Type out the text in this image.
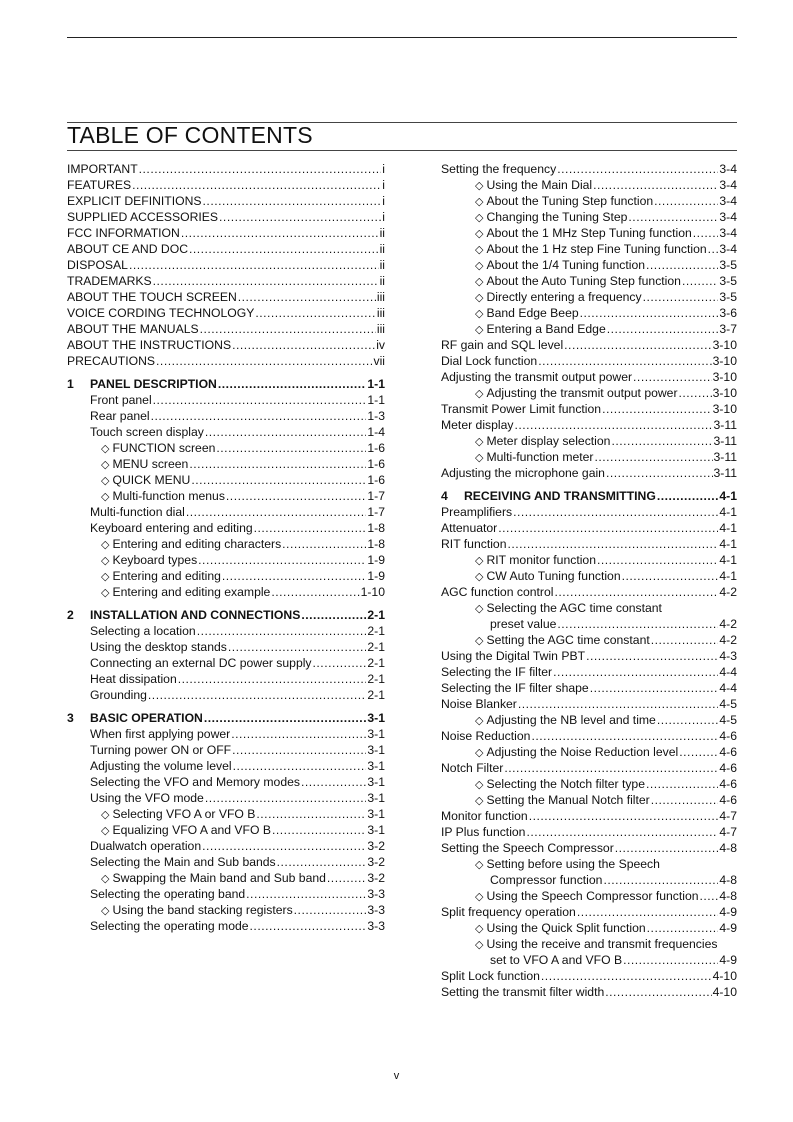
TABLE OF CONTENTS
IMPORTANT .....	i
FEATURES .....	i
EXPLICIT DEFINITIONS .....	i
SUPPLIED ACCESSORIES .....	i
FCC INFORMATION .....	ii
ABOUT CE AND DOC .....	ii
DISPOSAL .....	ii
TRADEMARKS .....	ii
ABOUT THE TOUCH SCREEN .....	iii
VOICE CORDING TECHNOLOGY .....	iii
ABOUT THE MANUALS .....	iii
ABOUT THE INSTRUCTIONS .....	iv
PRECAUTIONS .....	vii
1	PANEL DESCRIPTION .....	1-1
Front panel .....	1-1
Rear panel .....	1-3
Touch screen display .....	1-4
◇ FUNCTION screen .....	1-6
◇ MENU screen .....	1-6
◇ QUICK MENU .....	1-6
◇ Multi-function menus .....	1-7
Multi-function dial .....	1-7
Keyboard entering and editing .....	1-8
◇ Entering and editing characters .....	1-8
◇ Keyboard types .....	1-9
◇ Entering and editing .....	1-9
◇ Entering and editing example .....	1-10
2	INSTALLATION AND CONNECTIONS .....	2-1
Selecting a location .....	2-1
Using the desktop stands .....	2-1
Connecting an external DC power supply .....	2-1
Heat dissipation .....	2-1
Grounding .....	2-1
3	BASIC OPERATION .....	3-1
When first applying power .....	3-1
Turning power ON or OFF .....	3-1
Adjusting the volume level .....	3-1
Selecting the VFO and Memory modes .....	3-1
Using the VFO mode .....	3-1
◇ Selecting VFO A or VFO B .....	3-1
◇ Equalizing VFO A and VFO B .....	3-1
Dualwatch operation .....	3-2
Selecting the Main and Sub bands .....	3-2
◇ Swapping the Main band and Sub band .....	3-2
Selecting the operating band .....	3-3
◇ Using the band stacking registers .....	3-3
Selecting the operating mode .....	3-3
Setting the frequency .....	3-4
◇ Using the Main Dial .....	3-4
◇ About the Tuning Step function .....	3-4
◇ Changing the Tuning Step .....	3-4
◇ About the 1 MHz Step Tuning function ..... 3-4
◇ About the 1 Hz step Fine Tuning function ..... 3-4
◇ About the 1/4 Tuning function .....	3-5
◇ About the Auto Tuning Step function .....	3-5
◇ Directly entering a frequency .....	3-5
◇ Band Edge Beep .....	3-6
◇ Entering a Band Edge .....	3-7
RF gain and SQL level .....	3-10
Dial Lock function .....	3-10
Adjusting the transmit output power .....	3-10
◇ Adjusting the transmit output power .....	3-10
Transmit Power Limit function .....	3-10
Meter display .....	3-11
◇ Meter display selection .....	3-11
◇ Multi-function meter .....	3-11
Adjusting the microphone gain .....	3-11
4	RECEIVING AND TRANSMITTING .....	4-1
Preamplifiers .....	4-1
Attenuator .....	4-1
RIT function .....	4-1
◇ RIT monitor function .....	4-1
◇ CW Auto Tuning function .....	4-1
AGC function control .....	4-2
◇ Selecting the AGC time constant
preset value .....	4-2
◇ Setting the AGC time constant .....	4-2
Using the Digital Twin PBT .....	4-3
Selecting the IF filter .....	4-4
Selecting the IF filter shape .....	4-4
Noise Blanker .....	4-5
◇ Adjusting the NB level and time .....	4-5
Noise Reduction .....	4-6
◇ Adjusting the Noise Reduction level .....	4-6
Notch Filter .....	4-6
◇ Selecting the Notch filter type .....	4-6
◇ Setting the Manual Notch filter .....	4-6
Monitor function .....	4-7
IP Plus function .....	4-7
Setting the Speech Compressor .....	4-8
◇ Setting before using the Speech
Compressor function .....	4-8
◇ Using the Speech Compressor function ..... 4-8
Split frequency operation .....	4-9
◇ Using the Quick Split function .....	4-9
◇ Using the receive and transmit frequencies
set to VFO A and VFO B .....	4-9
Split Lock function .....	4-10
Setting the transmit filter width .....	4-10
v
